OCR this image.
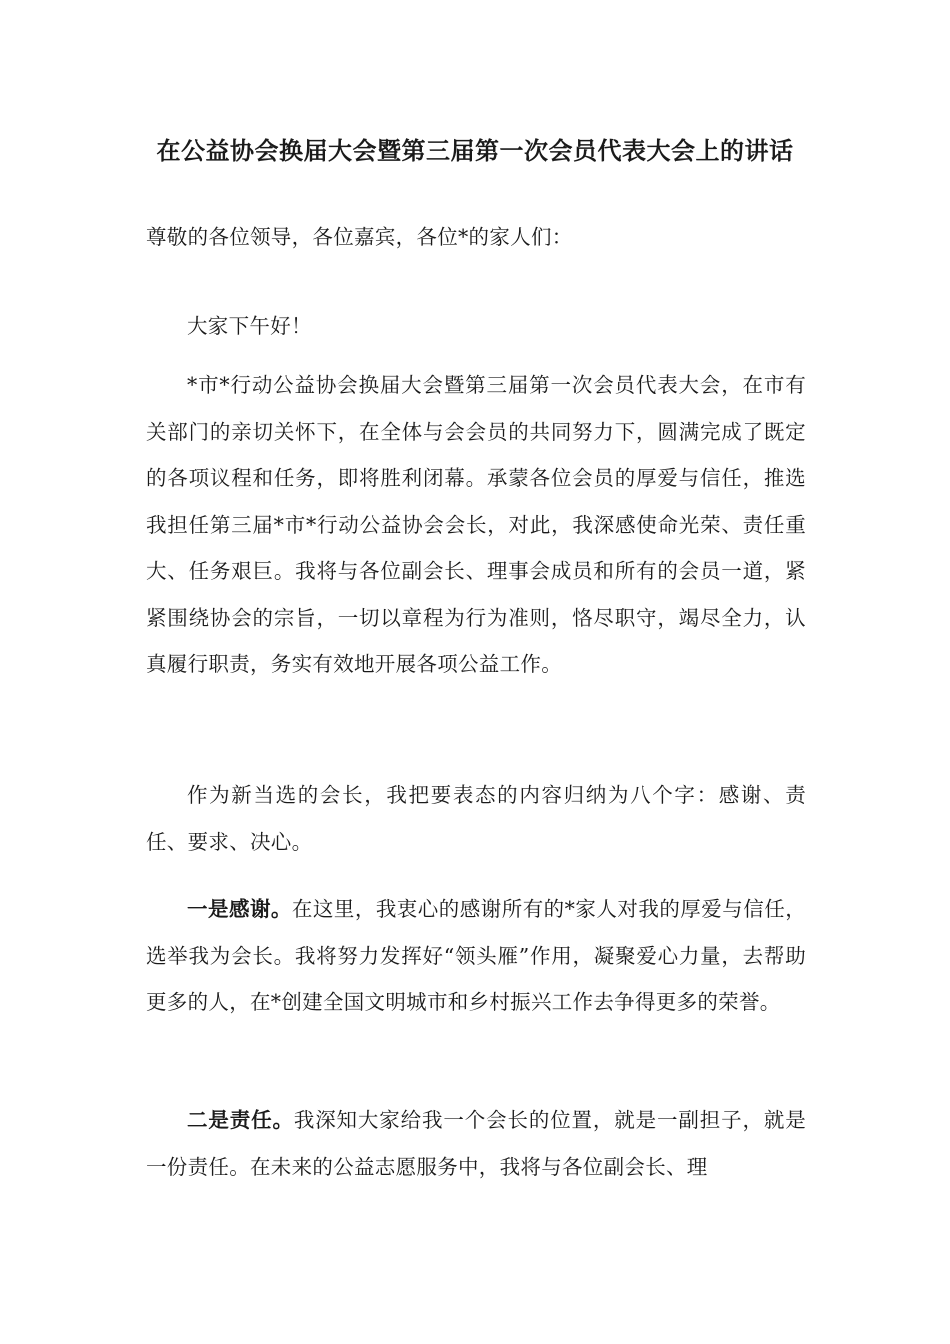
在公益协会换届大会暨第三届第一次会员代表大会上的讲话

尊敬的各位领导，各位嘉宾，各位*的家人们：

大家下午好！

*市*行动公益协会换届大会暨第三届第一次会员代表大会，在市有关部门的亲切关怀下，在全体与会会员的共同努力下，圆满完成了既定的各项议程和任务，即将胜利闭幕。承蒙各位会员的厚爱与信任，推选我担任第三届*市*行动公益协会会长，对此，我深感使命光荣、责任重大、任务艰巨。我将与各位副会长、理事会成员和所有的会员一道，紧紧围绕协会的宗旨，一切以章程为行为准则，恪尽职守，竭尽全力，认真履行职责，务实有效地开展各项公益工作。

作为新当选的会长，我把要表态的内容归纳为八个字：感谢、责任、要求、决心。

一是感谢。在这里，我衷心的感谢所有的*家人对我的厚爱与信任，选举我为会长。我将努力发挥好“领头雁”作用，凝聚爱心力量，去帮助更多的人，在*创建全国文明城市和乡村振兴工作去争得更多的荣誉。

二是责任。我深知大家给我一个会长的位置，就是一副担子，就是一份责任。在未来的公益志愿服务中，我将与各位副会长、理
